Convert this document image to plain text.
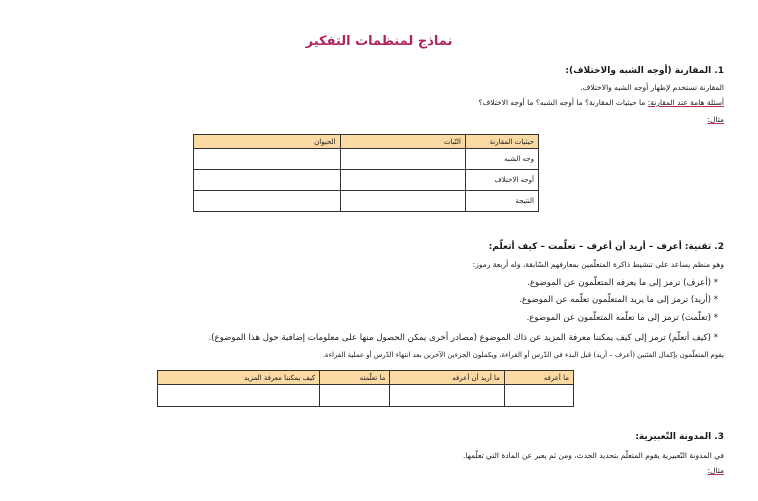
نماذج لمنظمات التفكير
1. المقارنة (أوجه الشبه والاختلاف):
المقارنة تستخدم لإظهار أوجه الشبه والاختلاف.
أسئلة هامة عند المقارنة: ما حيثيات المقارنة؟ ما أوجه الشبه؟ ما أوجه الاختلاف؟
مثال:
حيثيات المقارنة	النّبات	الحيوان
وجه الشبه		
أوجه الاختلاف		
النتيجة		
2. تقنية: أعرف – أريد أن أعرف – تعلّمت – كيف أتعلّم:
وهو منظم يساعد على تنشيط ذاكرة المتعلّمين بمعارفهم السّابقة، وله أربعة رموز:
* (أعرف) ترمز إلى ما يعرفه المتعلّمون عن الموضوع.
* (أريد) ترمز إلى ما يريد المتعلّمون تعلّمه عن الموضوع.
* (تعلّمت) ترمز إلى ما تعلّمه المتعلّمون عن الموضوع.
* (كيف أتعلّم) ترمز إلى كيف يمكننا معرفة المزيد عن ذاك الموضوع (مصادر أخرى يمكن الحصول منها على معلومات إضافية حول هذا الموضوع).
يقوم المتعلّمون بإكمال الفئتين (أعرف – أريد) قبل البدء في الدّرس أو القراءة، ويكملون الجزءين الآخرين بعد انتهاء الدّرس أو عملية القراءة.
ما أعرفه	ما أريد أن أعرفه	ما تعلّمته	كيف يمكننا معرفة المزيد

3. المدونة التّعبيرية:
في المدونة التّعبيرية يقوم المتعلّم بتحديد الحدث، ومن ثم يعبر عن المادة التي تعلّمها.
مثال:
